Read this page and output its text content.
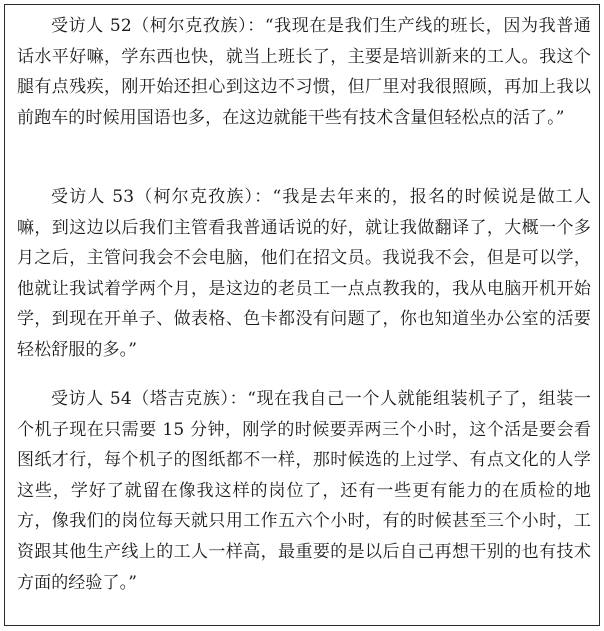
受访人 52（柯尔克孜族）：“我现在是我们生产线的班长，因为我普通话水平好嘛，学东西也快，就当上班长了，主要是培训新来的工人。我这个腿有点残疾，刚开始还担心到这边不习惯，但厂里对我很照顾，再加上我以前跑车的时候用国语也多，在这边就能干些有技术含量但轻松点的活了。”

受访人 53（柯尔克孜族）：“我是去年来的，报名的时候说是做工人嘛，到这边以后我们主管看我普通话说的好，就让我做翻译了，大概一个多月之后，主管问我会不会电脑，他们在招文员。我说我不会，但是可以学，他就让我试着学两个月，是这边的老员工一点点教我的，我从电脑开机开始学，到现在开单子、做表格、色卡都没有问题了，你也知道坐办公室的活要轻松舒服的多。”

受访人 54（塔吉克族）：“现在我自己一个人就能组装机子了，组装一个机子现在只需要 15 分钟，刚学的时候要弄两三个小时，这个活是要会看图纸才行，每个机子的图纸都不一样，那时候选的上过学、有点文化的人学这些，学好了就留在像我这样的岗位了，还有一些更有能力的在质检的地方，像我们的岗位每天就只用工作五六个小时，有的时候甚至三个小时，工资跟其他生产线上的工人一样高，最重要的是以后自己再想干别的也有技术方面的经验了。”
